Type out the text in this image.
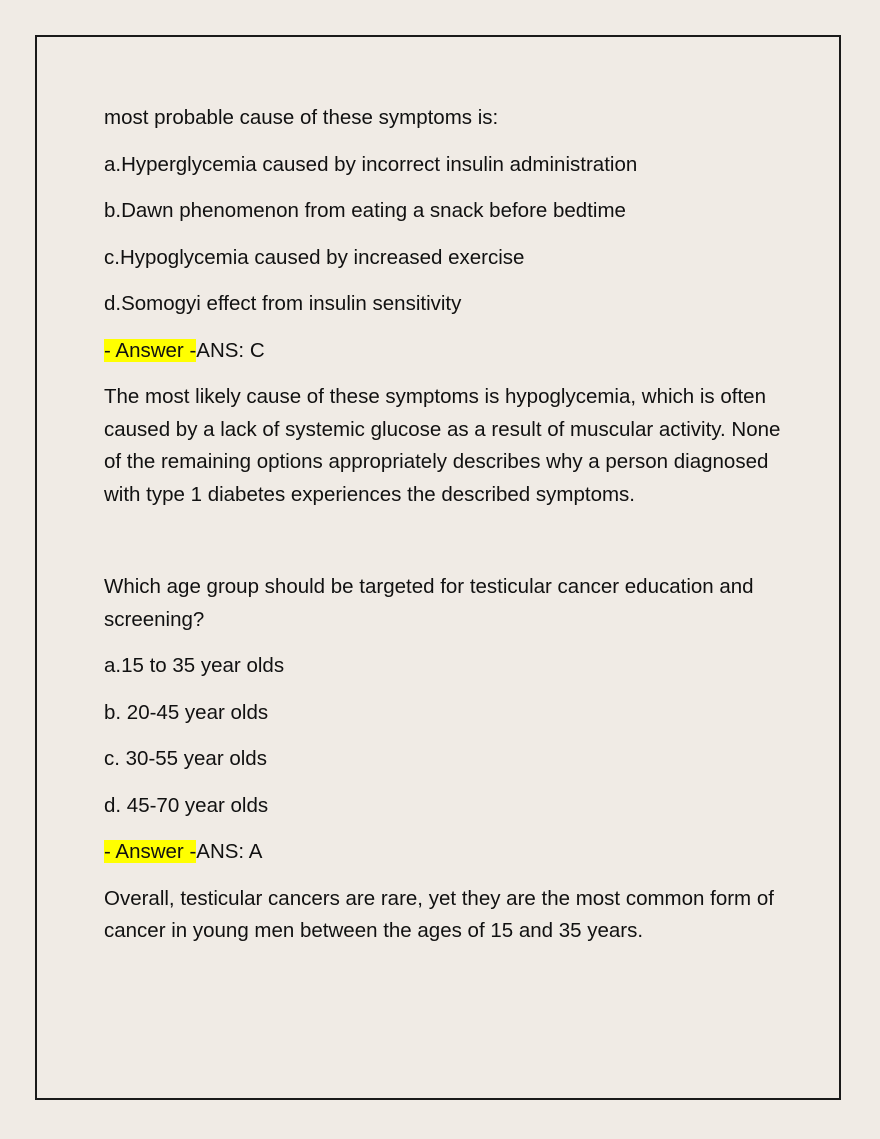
most probable cause of these symptoms is:

a.Hyperglycemia caused by incorrect insulin administration

b.Dawn phenomenon from eating a snack before bedtime

c.Hypoglycemia caused by increased exercise

d.Somogyi effect from insulin sensitivity

- Answer -ANS: C

The most likely cause of these symptoms is hypoglycemia, which is often caused by a lack of systemic glucose as a result of muscular activity. None of the remaining options appropriately describes why a person diagnosed with type 1 diabetes experiences the described symptoms.

Which age group should be targeted for testicular cancer education and screening?

a.15 to 35 year olds

b. 20-45 year olds

c. 30-55 year olds

d. 45-70 year olds

- Answer -ANS: A

Overall, testicular cancers are rare, yet they are the most common form of cancer in young men between the ages of 15 and 35 years.
